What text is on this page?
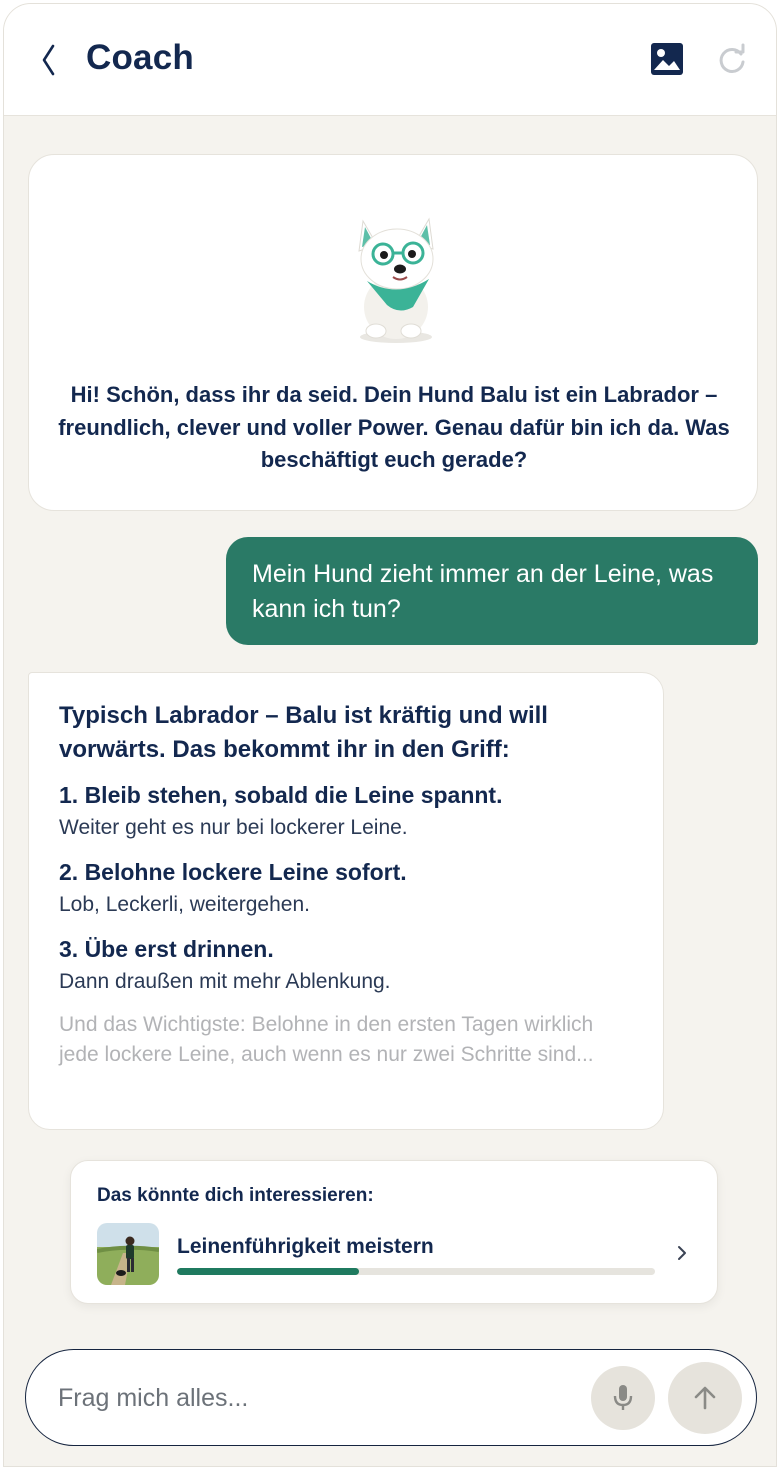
Coach
Hi! Schön, dass ihr da seid. Dein Hund Balu ist ein Labrador – freundlich, clever und voller Power. Genau dafür bin ich da. Was beschäftigt euch gerade?
Mein Hund zieht immer an der Leine, was kann ich tun?
Typisch Labrador – Balu ist kräftig und will vorwärts. Das bekommt ihr in den Griff:
1. Bleib stehen, sobald die Leine spannt.
Weiter geht es nur bei lockerer Leine.
2. Belohne lockere Leine sofort.
Lob, Leckerli, weitergehen.
3. Übe erst drinnen.
Dann draußen mit mehr Ablenkung.
Und das Wichtigste: Belohne in den ersten Tagen wirklich jede lockere Leine, auch wenn es nur zwei Schritte sind...
Das könnte dich interessieren:
Leinenführigkeit meistern
Frag mich alles...
